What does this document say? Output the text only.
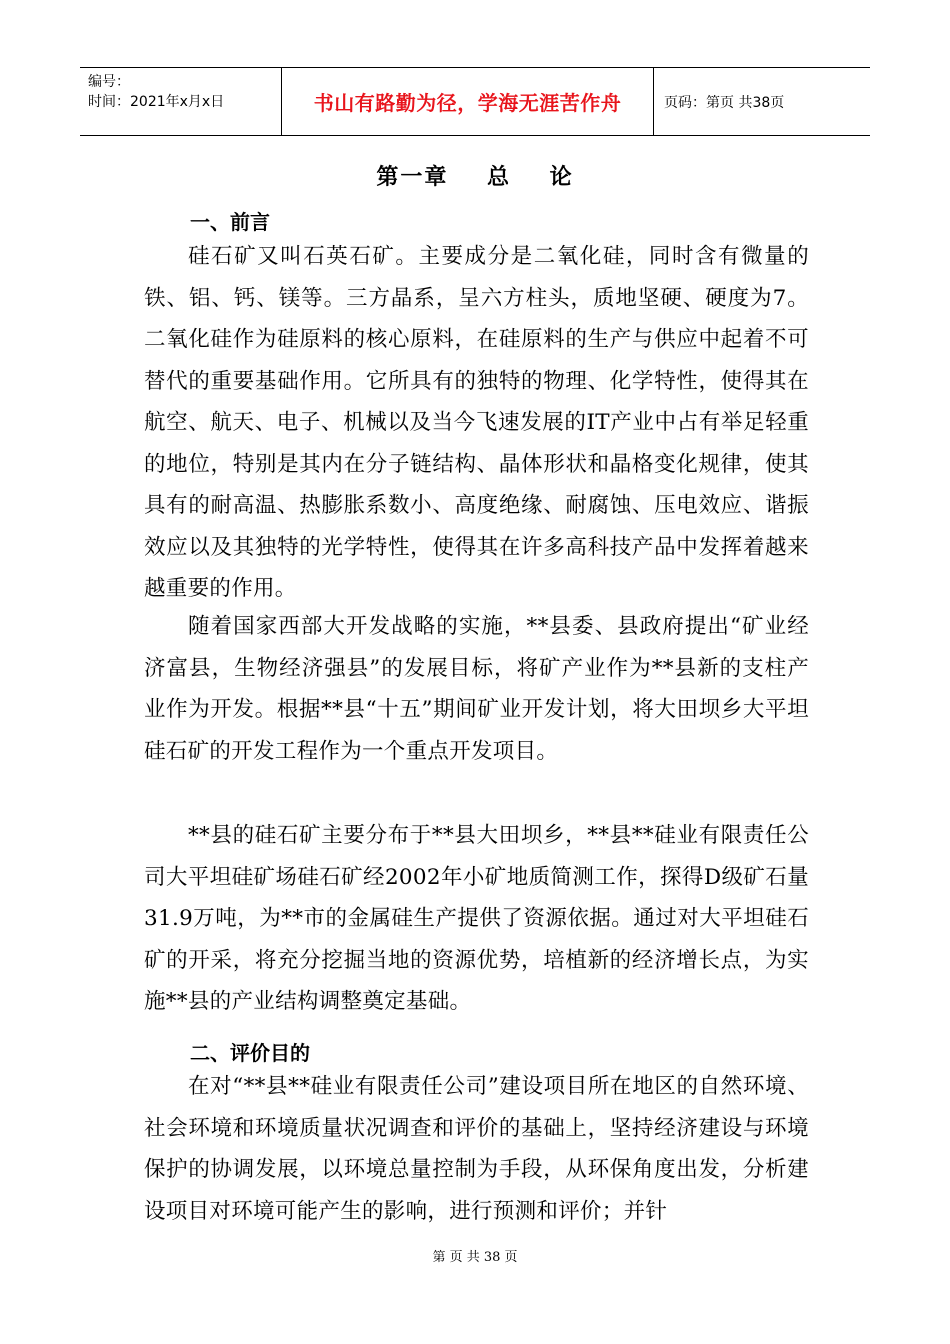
编号：
时间：2021年x月x日	书山有路勤为径，学海无涯苦作舟	页码：第页 共38页
第一章    总    论
一、前言
硅石矿又叫石英石矿。主要成分是二氧化硅，同时含有微量的铁、铝、钙、镁等。三方晶系，呈六方柱头，质地坚硬、硬度为7。二氧化硅作为硅原料的核心原料，在硅原料的生产与供应中起着不可替代的重要基础作用。它所具有的独特的物理、化学特性，使得其在航空、航天、电子、机械以及当今飞速发展的IT产业中占有举足轻重的地位，特别是其内在分子链结构、晶体形状和晶格变化规律，使其具有的耐高温、热膨胀系数小、高度绝缘、耐腐蚀、压电效应、谐振效应以及其独特的光学特性，使得其在许多高科技产品中发挥着越来越重要的作用。
随着国家西部大开发战略的实施，**县委、县政府提出“矿业经济富县，生物经济强县”的发展目标，将矿产业作为**县新的支柱产业作为开发。根据**县“十五”期间矿业开发计划，将大田坝乡大平坦硅石矿的开发工程作为一个重点开发项目。
**县的硅石矿主要分布于**县大田坝乡，**县**硅业有限责任公司大平坦硅矿场硅石矿经2002年小矿地质简测工作，探得D级矿石量31.9万吨，为**市的金属硅生产提供了资源依据。通过对大平坦硅石矿的开采，将充分挖掘当地的资源优势，培植新的经济增长点，为实施**县的产业结构调整奠定基础。
二、评价目的
在对“**县**硅业有限责任公司”建设项目所在地区的自然环境、社会环境和环境质量状况调查和评价的基础上，坚持经济建设与环境保护的协调发展，以环境总量控制为手段，从环保角度出发，分析建设项目对环境可能产生的影响，进行预测和评价；并针
第 页 共 38 页
